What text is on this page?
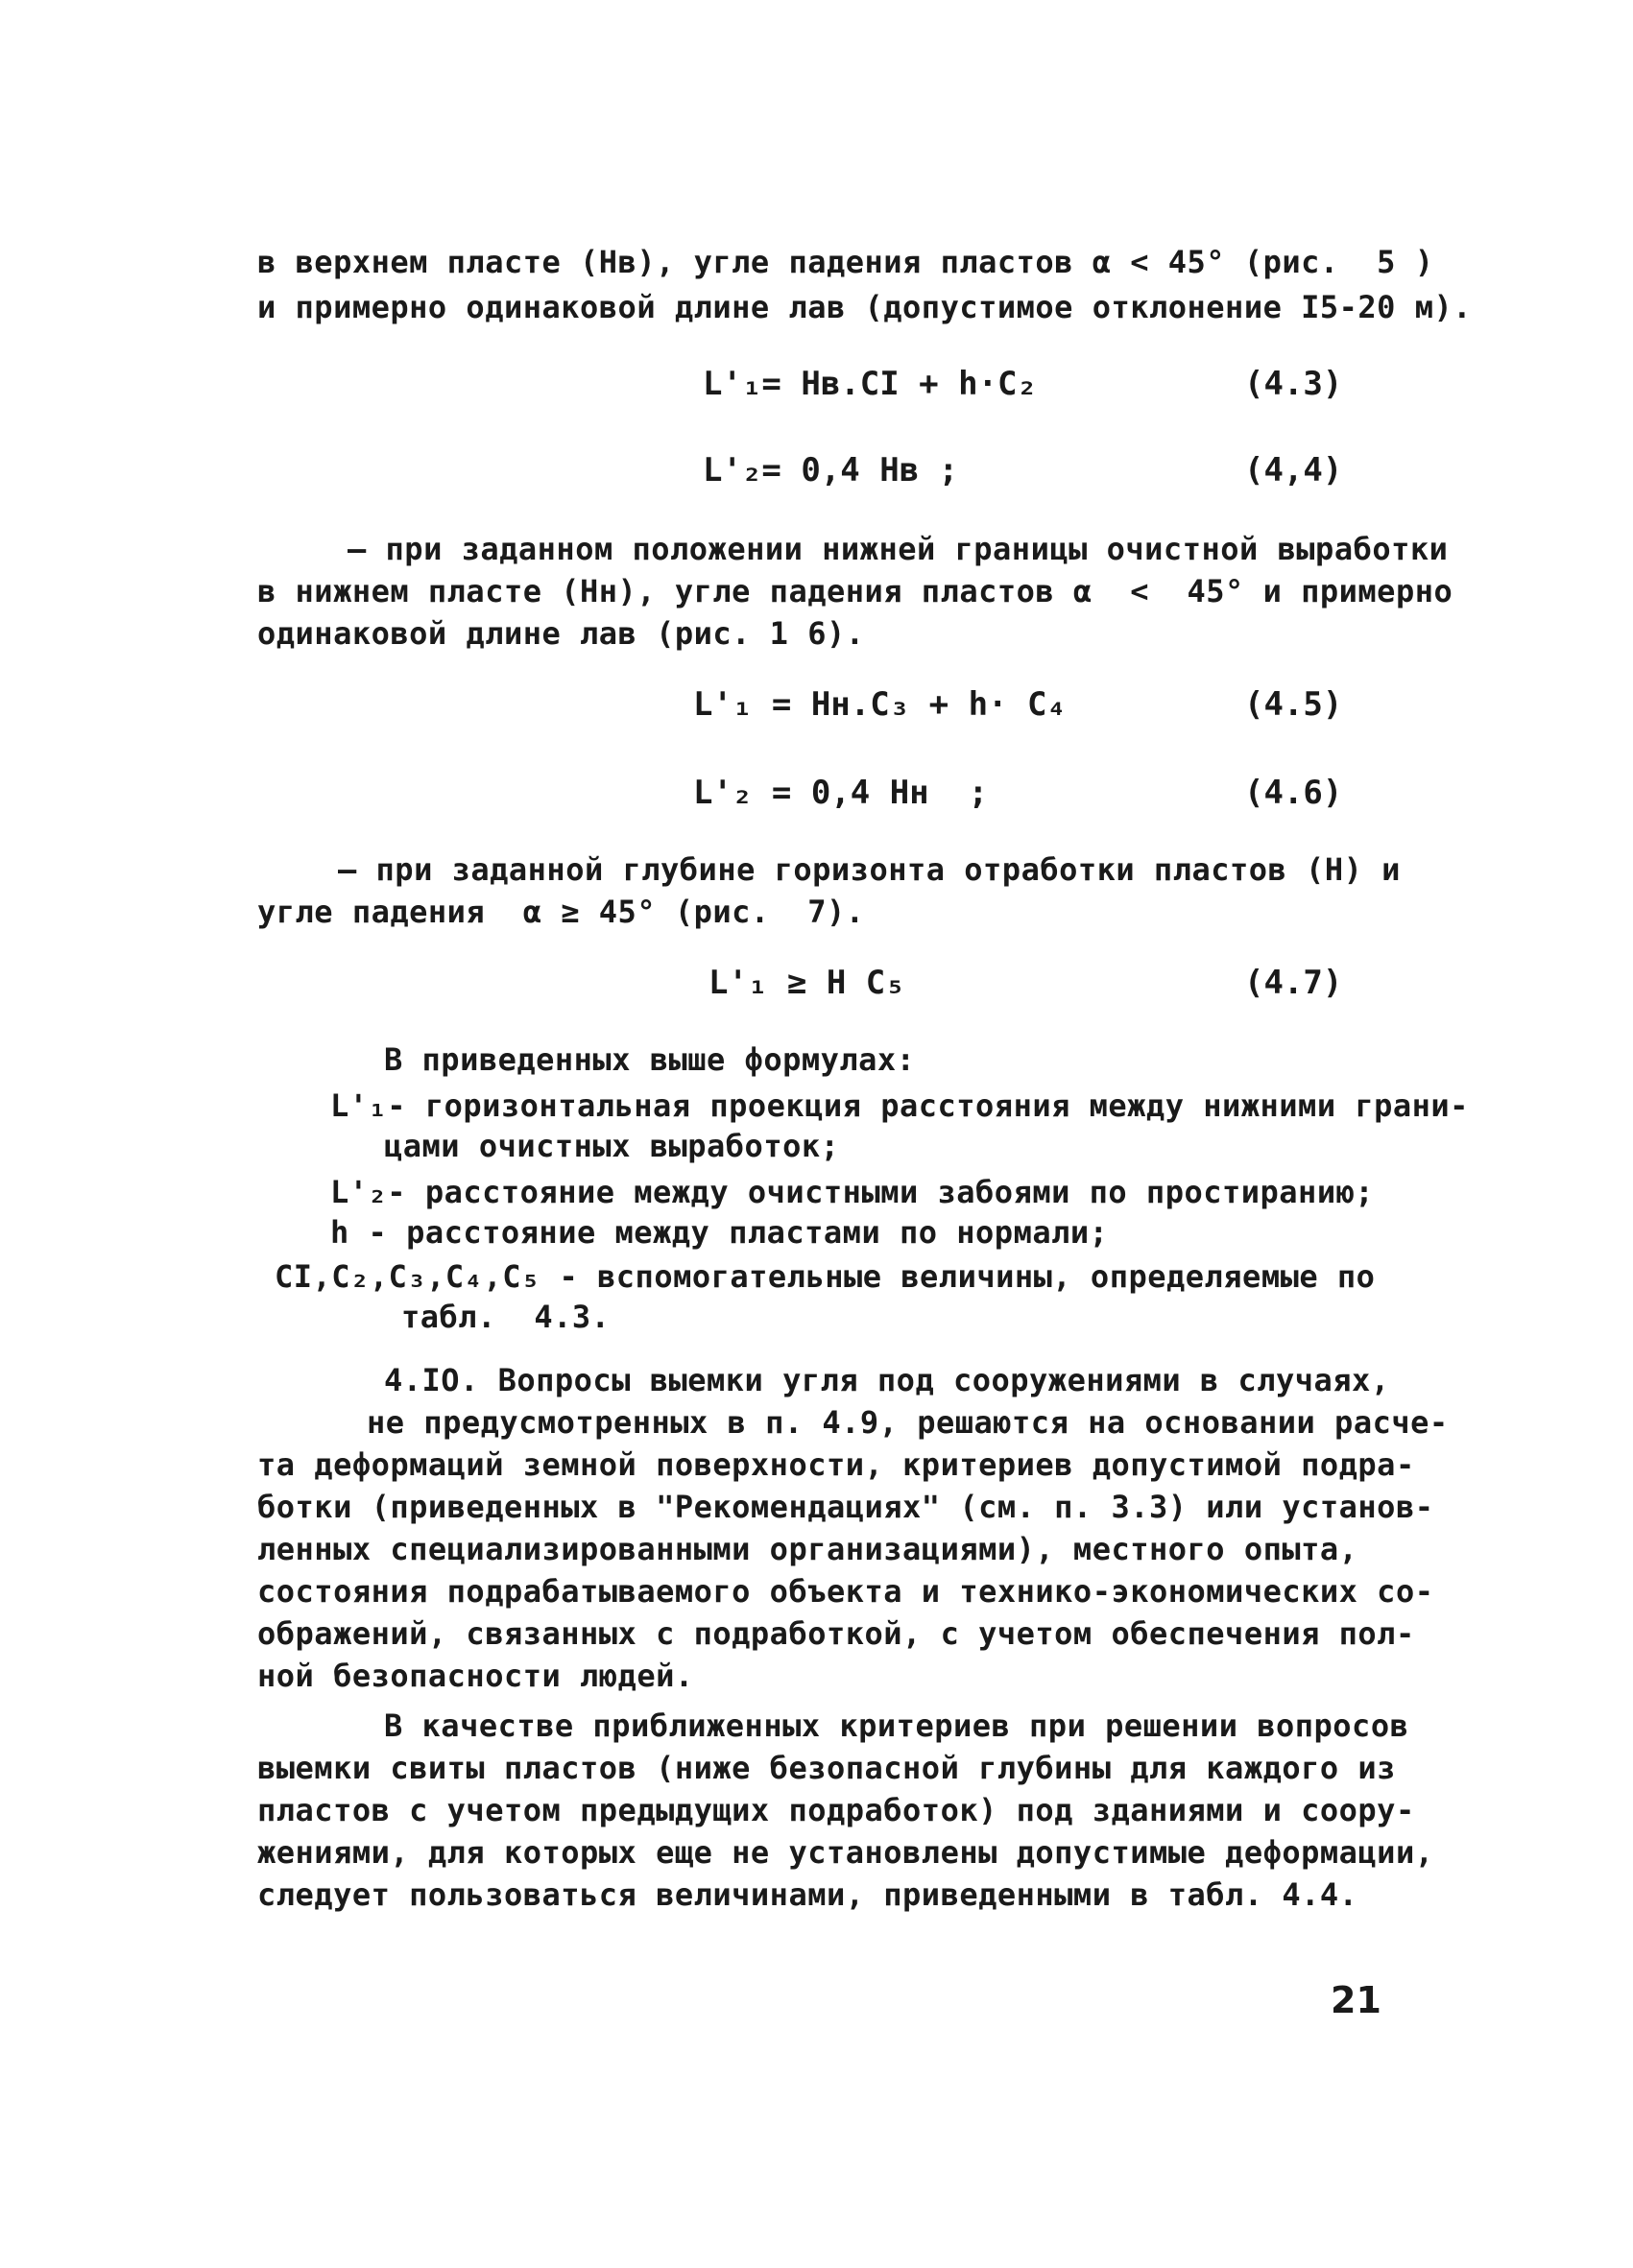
в верхнем пласте (Нв), угле падения пластов α < 45° (рис.  5 )
и примерно одинаковой длине лав (допустимое отклонение I5-20 м).
L'₁= Нв.СI + h·C₂	(4.3)
L'₂= 0,4 Нв ;	(4,4)
– при заданном положении нижней границы очистной выработки
в нижнем пласте (Нн), угле падения пластов α  <  45° и примерно
одинаковой длине лав (рис. 1 6).
L'₁ = Нн.С₃ + h· C₄	(4.5)
L'₂ = 0,4 Нн  ;	(4.6)
– при заданной глубине горизонта отработки пластов (Н) и
угле падения  α ≥ 45° (рис.  7).
L'₁ ≥ Н С₅	(4.7)
В приведенных выше формулах:
L'₁- горизонтальная проекция расстояния между нижними грани-
цами очистных выработок;
L'₂- расстояние между очистными забоями по простиранию;
h - расстояние между пластами по нормали;
СI,С₂,С₃,С₄,С₅ - вспомогательные величины, определяемые по
табл.  4.3.
4.IO. Вопросы выемки угля под сооружениями в случаях,
не предусмотренных в п. 4.9, решаются на основании расче-
та деформаций земной поверхности, критериев допустимой подра-
ботки (приведенных в "Рекомендациях" (см. п. 3.3) или установ-
ленных специализированными организациями), местного опыта,
состояния подрабатываемого объекта и технико-экономических со-
ображений, связанных с подработкой, с учетом обеспечения пол-
ной безопасности людей.
В качестве приближенных критериев при решении вопросов
выемки свиты пластов (ниже безопасной глубины для каждого из
пластов с учетом предыдущих подработок) под зданиями и соору-
жениями, для которых еще не установлены допустимые деформации,
следует пользоваться величинами, приведенными в табл. 4.4.
21
